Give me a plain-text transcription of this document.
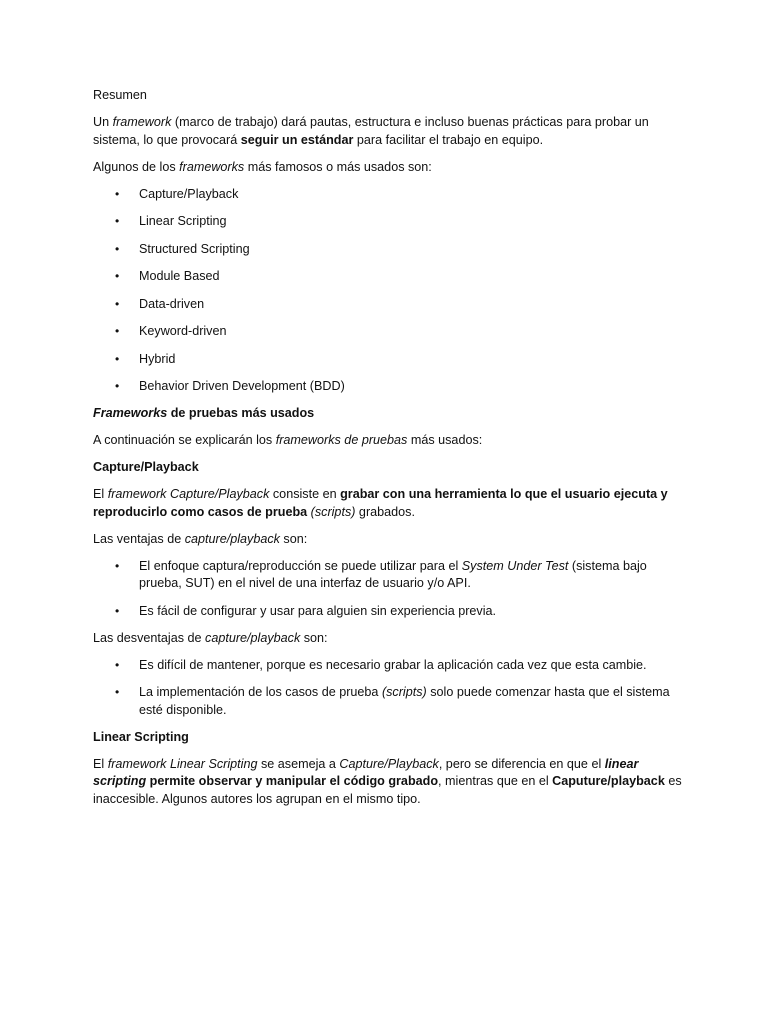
Resumen

Un framework (marco de trabajo) dará pautas, estructura e incluso buenas prácticas para probar un sistema, lo que provocará seguir un estándar para facilitar el trabajo en equipo.

Algunos de los frameworks más famosos o más usados son:

• Capture/Playback
• Linear Scripting
• Structured Scripting
• Module Based
• Data-driven
• Keyword-driven
• Hybrid
• Behavior Driven Development (BDD)

Frameworks de pruebas más usados

A continuación se explicarán los frameworks de pruebas más usados:

Capture/Playback

El framework Capture/Playback consiste en grabar con una herramienta lo que el usuario ejecuta y reproducirlo como casos de prueba (scripts) grabados.

Las ventajas de capture/playback son:

• El enfoque captura/reproducción se puede utilizar para el System Under Test (sistema bajo prueba, SUT) en el nivel de una interfaz de usuario y/o API.
• Es fácil de configurar y usar para alguien sin experiencia previa.

Las desventajas de capture/playback son:

• Es difícil de mantener, porque es necesario grabar la aplicación cada vez que esta cambie.
• La implementación de los casos de prueba (scripts) solo puede comenzar hasta que el sistema esté disponible.

Linear Scripting

El framework Linear Scripting se asemeja a Capture/Playback, pero se diferencia en que el linear scripting permite observar y manipular el código grabado, mientras que en el Caputure/playback es inaccesible. Algunos autores los agrupan en el mismo tipo.
